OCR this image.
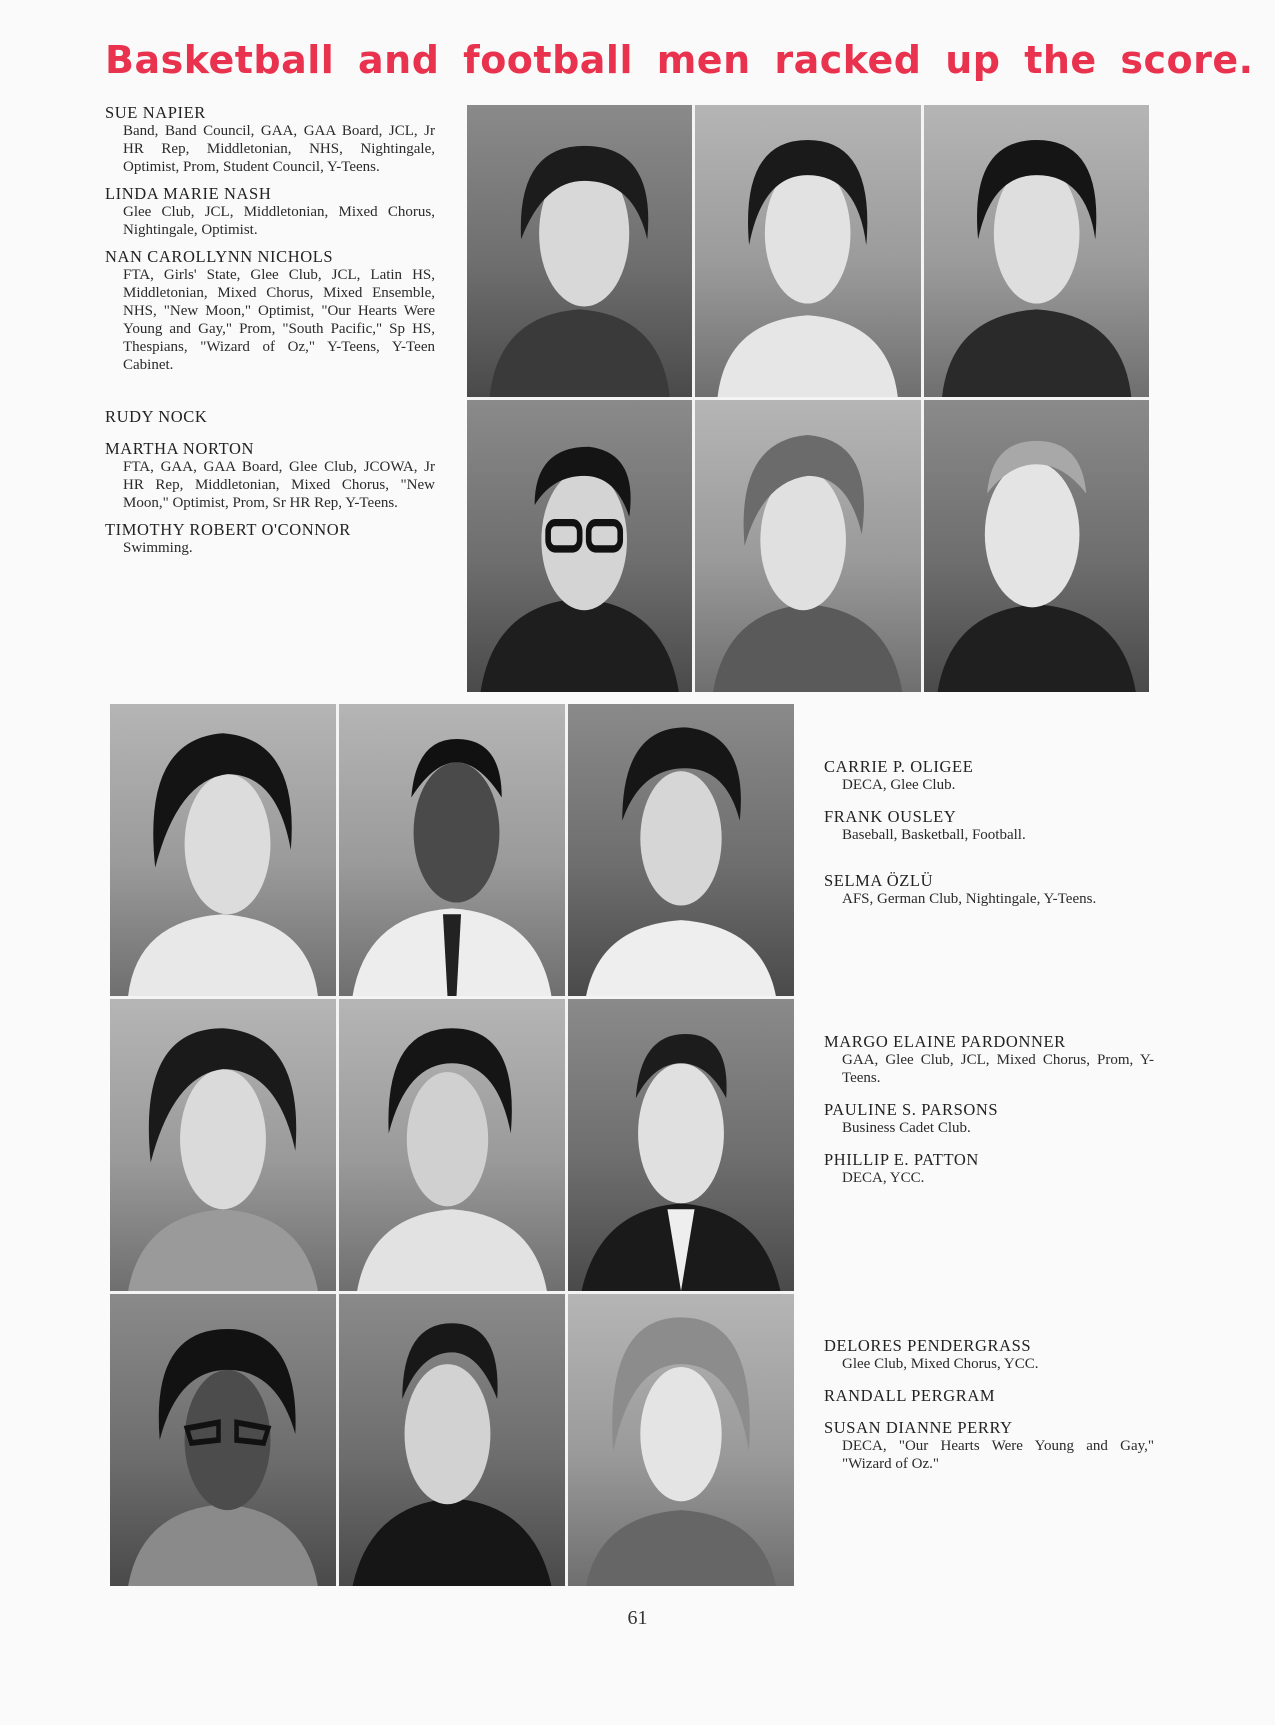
Basketball and football men racked up the score.
SUE NAPIER
Band, Band Council, GAA, GAA Board, JCL, Jr HR Rep, Middletonian, NHS, Nightingale, Optimist, Prom, Student Council, Y-Teens.
LINDA MARIE NASH
Glee Club, JCL, Middletonian, Mixed Chorus, Nightingale, Optimist.
NAN CAROLLYNN NICHOLS
FTA, Girls' State, Glee Club, JCL, Latin HS, Middletonian, Mixed Chorus, Mixed Ensemble, NHS, "New Moon," Optimist, "Our Hearts Were Young and Gay," Prom, "South Pacific," Sp HS, Thespians, "Wizard of Oz," Y-Teens, Y-Teen Cabinet.
RUDY NOCK
MARTHA NORTON
FTA, GAA, GAA Board, Glee Club, JCOWA, Jr HR Rep, Middletonian, Mixed Chorus, "New Moon," Optimist, Prom, Sr HR Rep, Y-Teens.
TIMOTHY ROBERT O'CONNOR
Swimming.
CARRIE P. OLIGEE
DECA, Glee Club.
FRANK OUSLEY
Baseball, Basketball, Football.
SELMA ÖZLÜ
AFS, German Club, Nightingale, Y-Teens.
MARGO ELAINE PARDONNER
GAA, Glee Club, JCL, Mixed Chorus, Prom, Y-Teens.
PAULINE S. PARSONS
Business Cadet Club.
PHILLIP E. PATTON
DECA, YCC.
DELORES PENDERGRASS
Glee Club, Mixed Chorus, YCC.
RANDALL PERGRAM
SUSAN DIANNE PERRY
DECA, "Our Hearts Were Young and Gay," "Wizard of Oz."
61
